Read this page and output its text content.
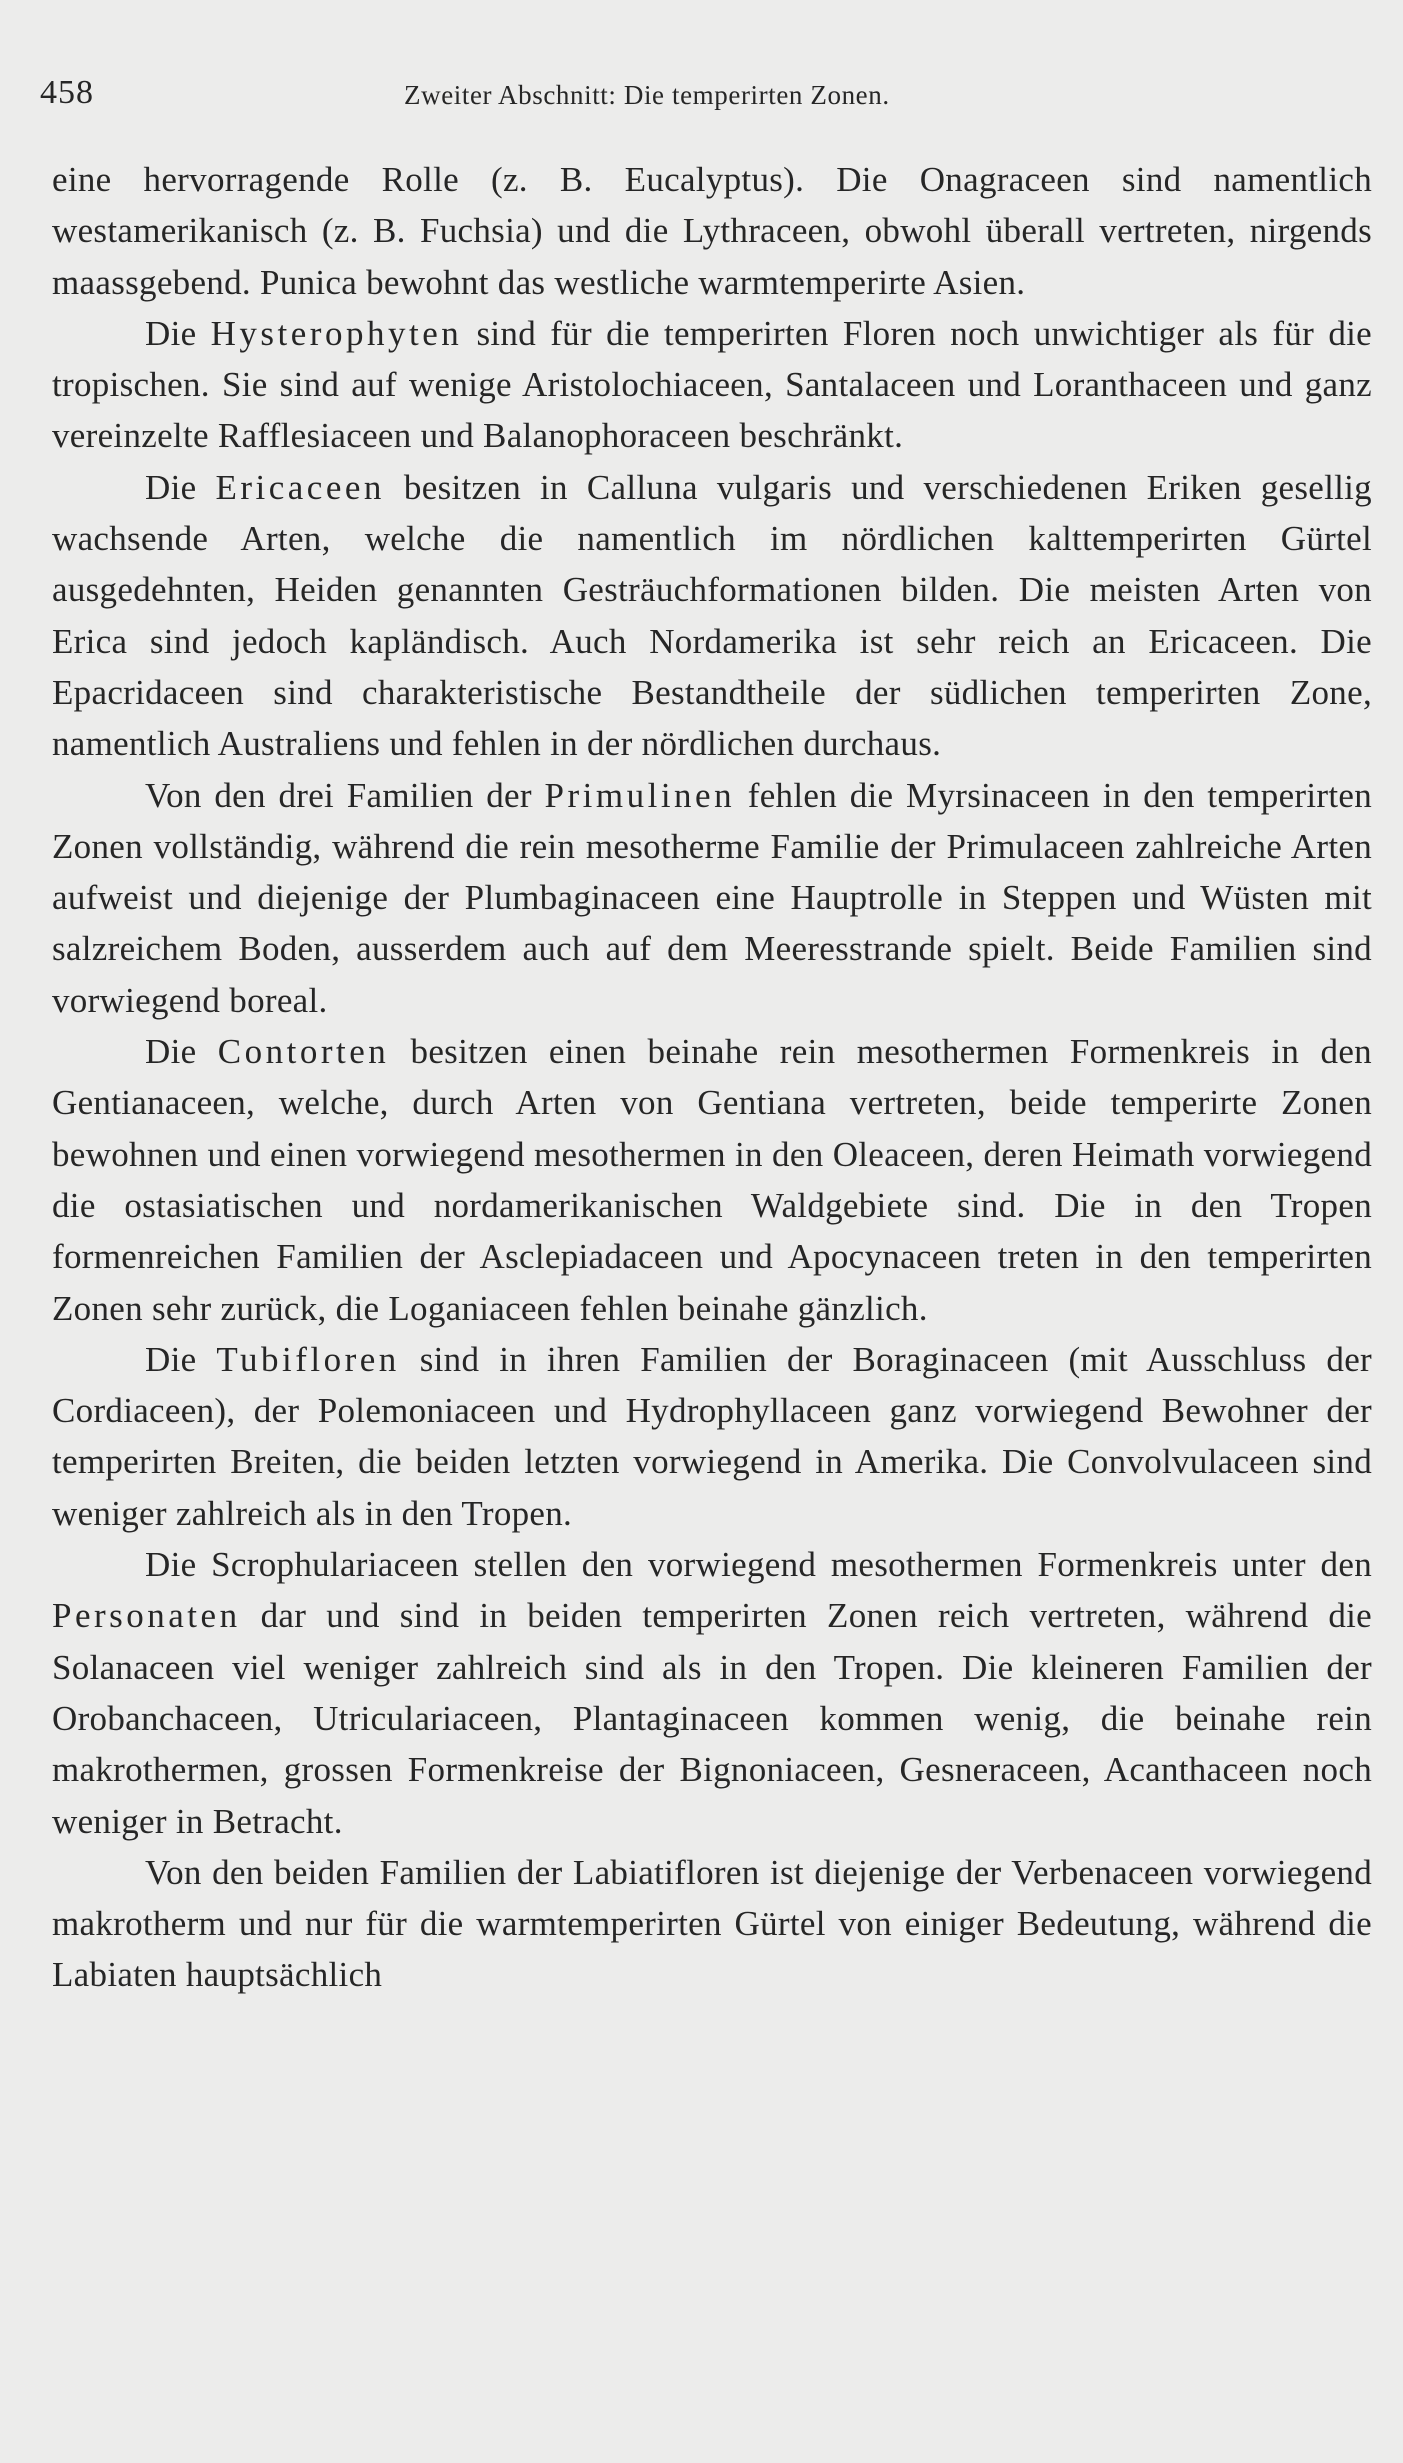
458	Zweiter Abschnitt: Die temperirten Zonen.

eine hervorragende Rolle (z. B. Eucalyptus). Die Onagraceen sind namentlich westamerikanisch (z. B. Fuchsia) und die Lythraceen, obwohl überall vertreten, nirgends maassgebend. Punica bewohnt das westliche warmtemperirte Asien.

Die Hysterophyten sind für die temperirten Floren noch unwichtiger als für die tropischen. Sie sind auf wenige Aristolochiaceen, Santalaceen und Loranthaceen und ganz vereinzelte Rafflesiaceen und Balanophoraceen beschränkt.

Die Ericaceen besitzen in Calluna vulgaris und verschiedenen Eriken gesellig wachsende Arten, welche die namentlich im nördlichen kalttemperirten Gürtel ausgedehnten, Heiden genannten Gesträuchformationen bilden. Die meisten Arten von Erica sind jedoch kapländisch. Auch Nordamerika ist sehr reich an Ericaceen. Die Epacridaceen sind charakteristische Bestandtheile der südlichen temperirten Zone, namentlich Australiens und fehlen in der nördlichen durchaus.

Von den drei Familien der Primulinen fehlen die Myrsinaceen in den temperirten Zonen vollständig, während die rein mesotherme Familie der Primulaceen zahlreiche Arten aufweist und diejenige der Plumbaginaceen eine Hauptrolle in Steppen und Wüsten mit salzreichem Boden, ausserdem auch auf dem Meeresstrande spielt. Beide Familien sind vorwiegend boreal.

Die Contorten besitzen einen beinahe rein mesothermen Formenkreis in den Gentianaceen, welche, durch Arten von Gentiana vertreten, beide temperirte Zonen bewohnen und einen vorwiegend mesothermen in den Oleaceen, deren Heimath vorwiegend die ostasiatischen und nordamerikanischen Waldgebiete sind. Die in den Tropen formenreichen Familien der Asclepiadaceen und Apocynaceen treten in den temperirten Zonen sehr zurück, die Loganiaceen fehlen beinahe gänzlich.

Die Tubifloren sind in ihren Familien der Boraginaceen (mit Ausschluss der Cordiaceen), der Polemoniaceen und Hydrophyllaceen ganz vorwiegend Bewohner der temperirten Breiten, die beiden letzten vorwiegend in Amerika. Die Convolvulaceen sind weniger zahlreich als in den Tropen.

Die Scrophulariaceen stellen den vorwiegend mesothermen Formenkreis unter den Personaten dar und sind in beiden temperirten Zonen reich vertreten, während die Solanaceen viel weniger zahlreich sind als in den Tropen. Die kleineren Familien der Orobanchaceen, Utriculariaceen, Plantaginaceen kommen wenig, die beinahe rein makrothermen, grossen Formenkreise der Bignoniaceen, Gesneraceen, Acanthaceen noch weniger in Betracht.

Von den beiden Familien der Labiatifloren ist diejenige der Verbenaceen vorwiegend makrotherm und nur für die warmtemperirten Gürtel von einiger Bedeutung, während die Labiaten hauptsächlich
